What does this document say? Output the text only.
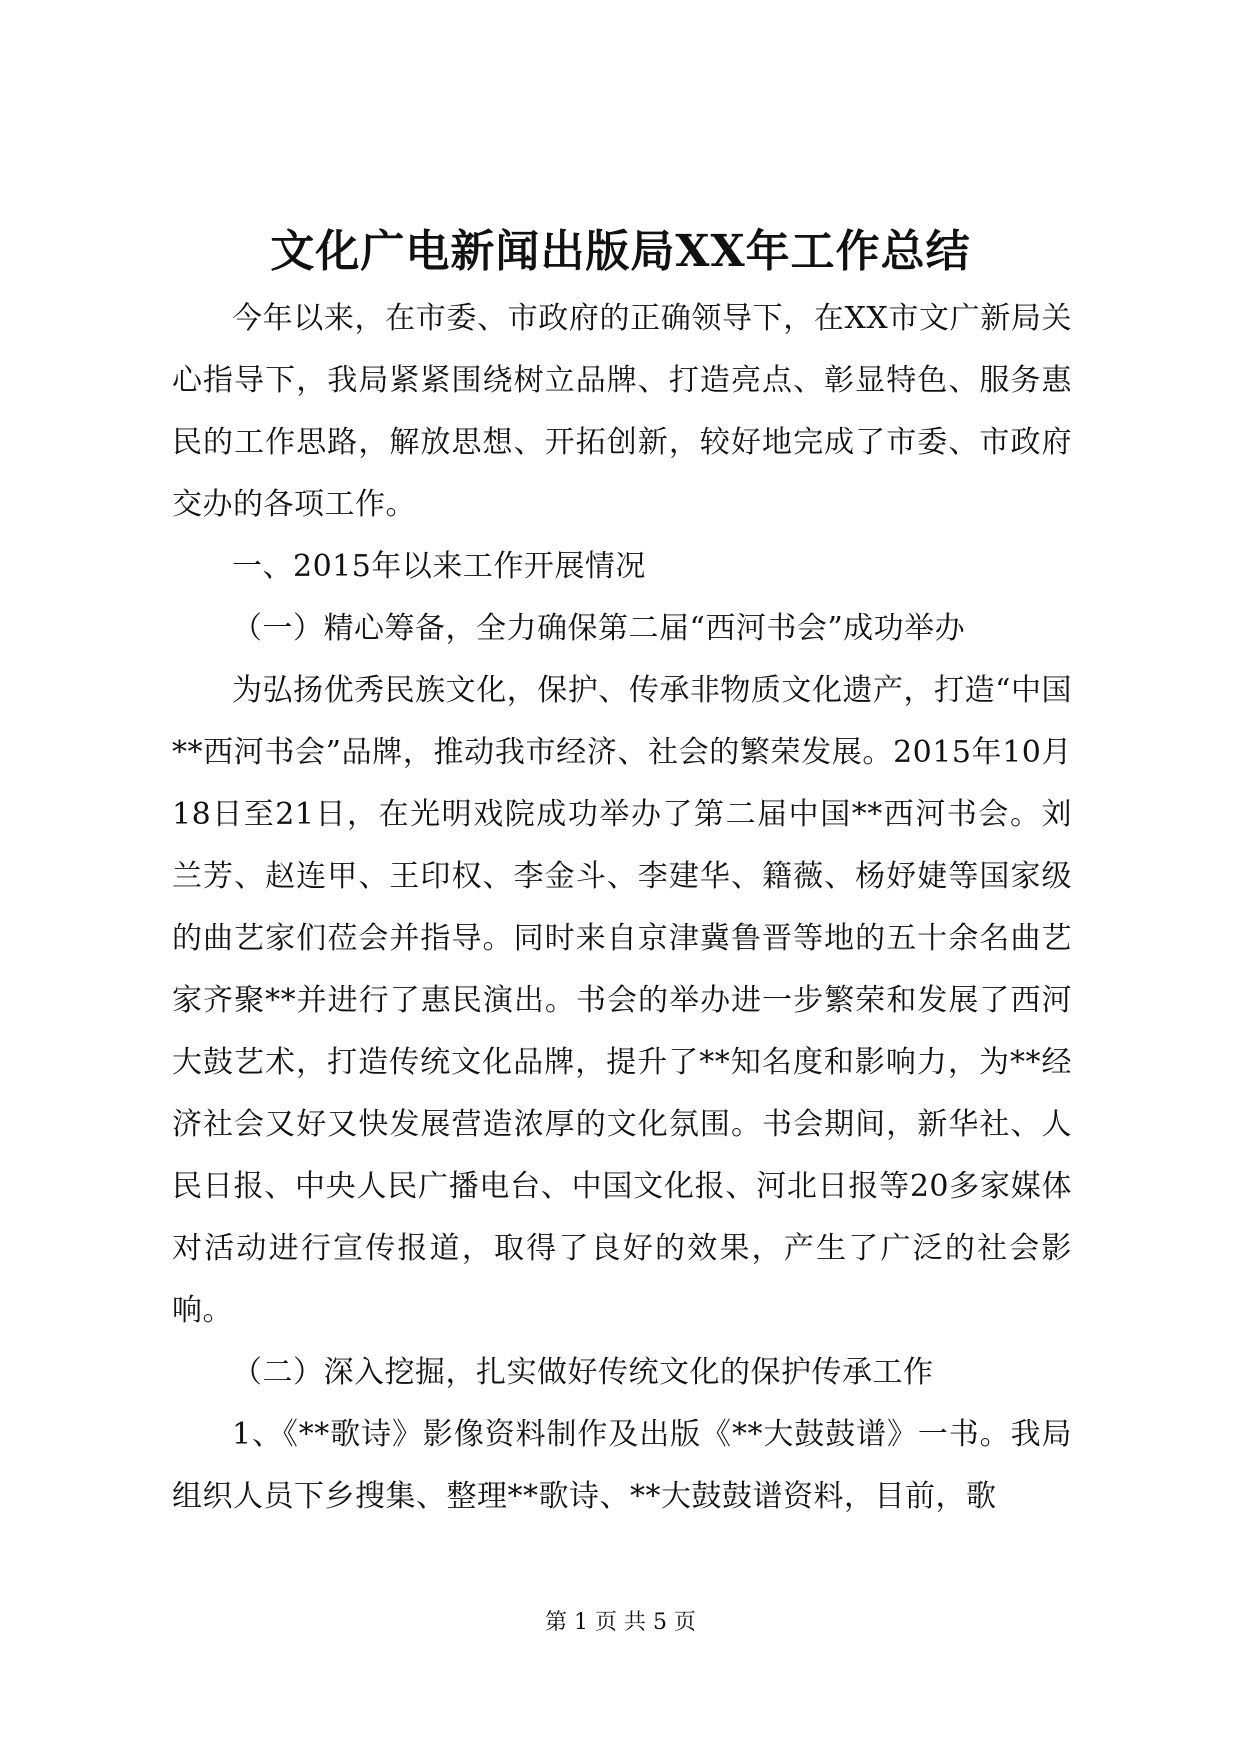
文化广电新闻出版局XX年工作总结

今年以来，在市委、市政府的正确领导下，在XX市文广新局关心指导下，我局紧紧围绕树立品牌、打造亮点、彰显特色、服务惠民的工作思路，解放思想、开拓创新，较好地完成了市委、市政府交办的各项工作。

一、2015年以来工作开展情况

（一）精心筹备，全力确保第二届“西河书会”成功举办

为弘扬优秀民族文化，保护、传承非物质文化遗产，打造“中国**西河书会”品牌，推动我市经济、社会的繁荣发展。2015年10月18日至21日，在光明戏院成功举办了第二届中国**西河书会。刘兰芳、赵连甲、王印权、李金斗、李建华、籍薇、杨妤婕等国家级的曲艺家们莅会并指导。同时来自京津冀鲁晋等地的五十余名曲艺家齐聚**并进行了惠民演出。书会的举办进一步繁荣和发展了西河大鼓艺术，打造传统文化品牌，提升了**知名度和影响力，为**经济社会又好又快发展营造浓厚的文化氛围。书会期间，新华社、人民日报、中央人民广播电台、中国文化报、河北日报等20多家媒体对活动进行宣传报道，取得了良好的效果，产生了广泛的社会影响。

（二）深入挖掘，扎实做好传统文化的保护传承工作

1、《**歌诗》影像资料制作及出版《**大鼓鼓谱》一书。我局组织人员下乡搜集、整理**歌诗、**大鼓鼓谱资料，目前，歌

第 1 页 共 5 页
